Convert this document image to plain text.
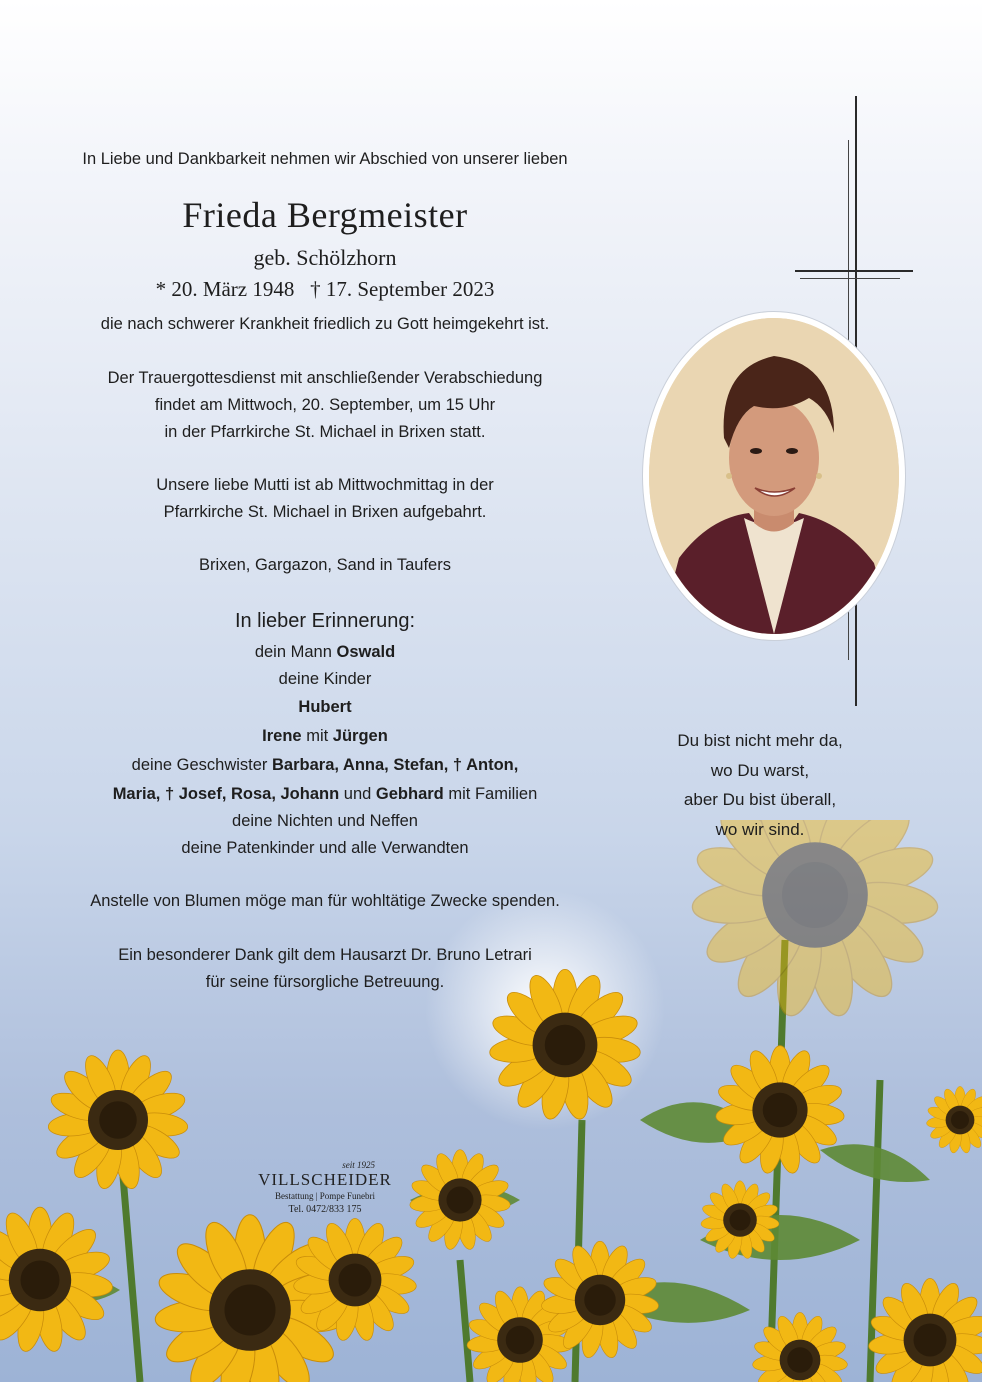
In Liebe und Dankbarkeit nehmen wir Abschied von unserer lieben

Frieda Bergmeister

geb. Schölzhorn

* 20. März 1948 † 17. September 2023

die nach schwerer Krankheit friedlich zu Gott heimgekehrt ist.

Der Trauergottesdienst mit anschließender Verabschiedung

findet am Mittwoch, 20. September, um 15 Uhr

in der Pfarrkirche St. Michael in Brixen statt.

Unsere liebe Mutti ist ab Mittwochmittag in der

Pfarrkirche St. Michael in Brixen aufgebahrt.

Brixen, Gargazon, Sand in Taufers

In lieber Erinnerung:

dein Mann Oswald

deine Kinder

Hubert

Irene mit Jürgen

deine Geschwister Barbara, Anna, Stefan, † Anton,

Maria, † Josef, Rosa, Johann und Gebhard mit Familien

deine Nichten und Neffen

deine Patenkinder und alle Verwandten

Anstelle von Blumen möge man für wohltätige Zwecke spenden.

Ein besonderer Dank gilt dem Hausarzt Dr. Bruno Letrari

für seine fürsorgliche Betreuung.

Du bist nicht mehr da,
wo Du warst,
aber Du bist überall,
wo wir sind.
seit 1925
VILLSCHEIDER
Bestattung | Pompe Funebri
Tel. 0472/833 175
